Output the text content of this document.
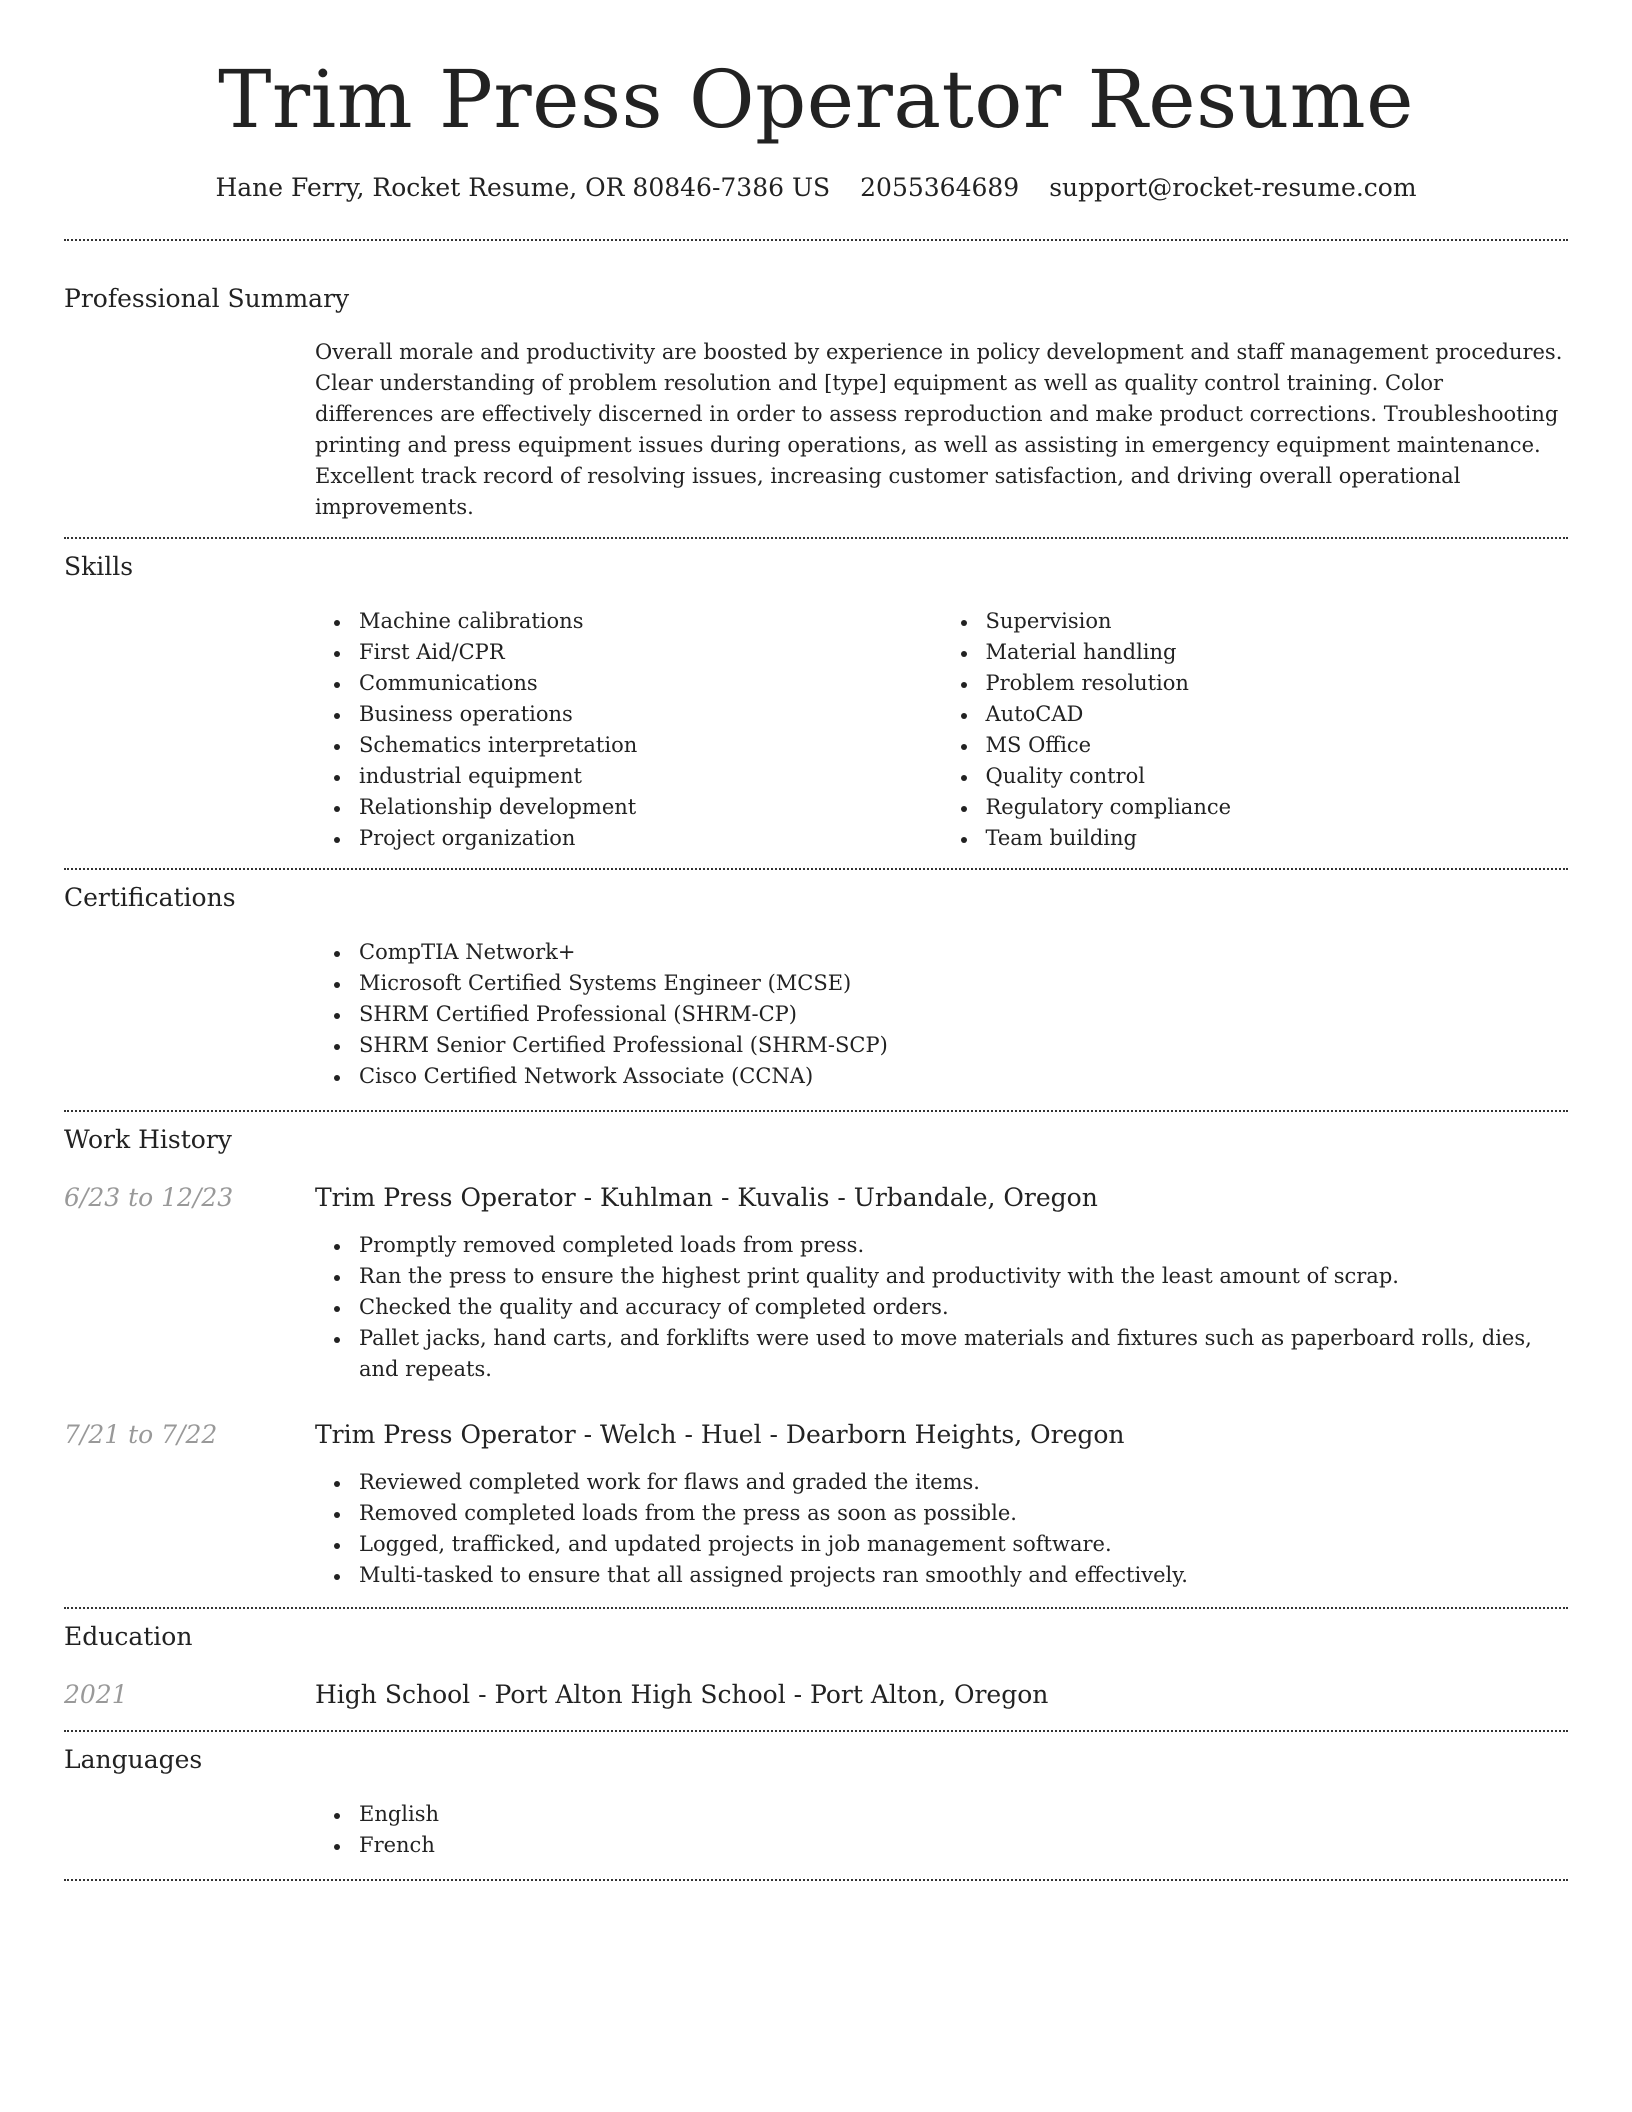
Trim Press Operator Resume
Hane Ferry, Rocket Resume, OR 80846-7386 US 2055364689 support@rocket-resume.com
Professional Summary

Overall morale and productivity are boosted by experience in policy development and staff management procedures. Clear understanding of problem resolution and [type] equipment as well as quality control training. Color differences are effectively discerned in order to assess reproduction and make product corrections. Troubleshooting printing and press equipment issues during operations, as well as assisting in emergency equipment maintenance. Excellent track record of resolving issues, increasing customer satisfaction, and driving overall operational improvements.

Skills
Machine calibrations
First Aid/CPR
Communications
Business operations
Schematics interpretation
industrial equipment
Relationship development
Project organization
Supervision
Material handling
Problem resolution
AutoCAD
MS Office
Quality control
Regulatory compliance
Team building
Certifications
CompTIA Network+
Microsoft Certified Systems Engineer (MCSE)
SHRM Certified Professional (SHRM-CP)
SHRM Senior Certified Professional (SHRM-SCP)
Cisco Certified Network Associate (CCNA)
Work History
6/23 to 12/23	Trim Press Operator - Kuhlman - Kuvalis - Urbandale, Oregon
Promptly removed completed loads from press.
Ran the press to ensure the highest print quality and productivity with the least amount of scrap.
Checked the quality and accuracy of completed orders.
Pallet jacks, hand carts, and forklifts were used to move materials and fixtures such as paperboard rolls, dies, and repeats.
7/21 to 7/22	Trim Press Operator - Welch - Huel - Dearborn Heights, Oregon
Reviewed completed work for flaws and graded the items.
Removed completed loads from the press as soon as possible.
Logged, trafficked, and updated projects in job management software.
Multi-tasked to ensure that all assigned projects ran smoothly and effectively.
Education
2021	High School - Port Alton High School - Port Alton, Oregon
Languages
English
French
